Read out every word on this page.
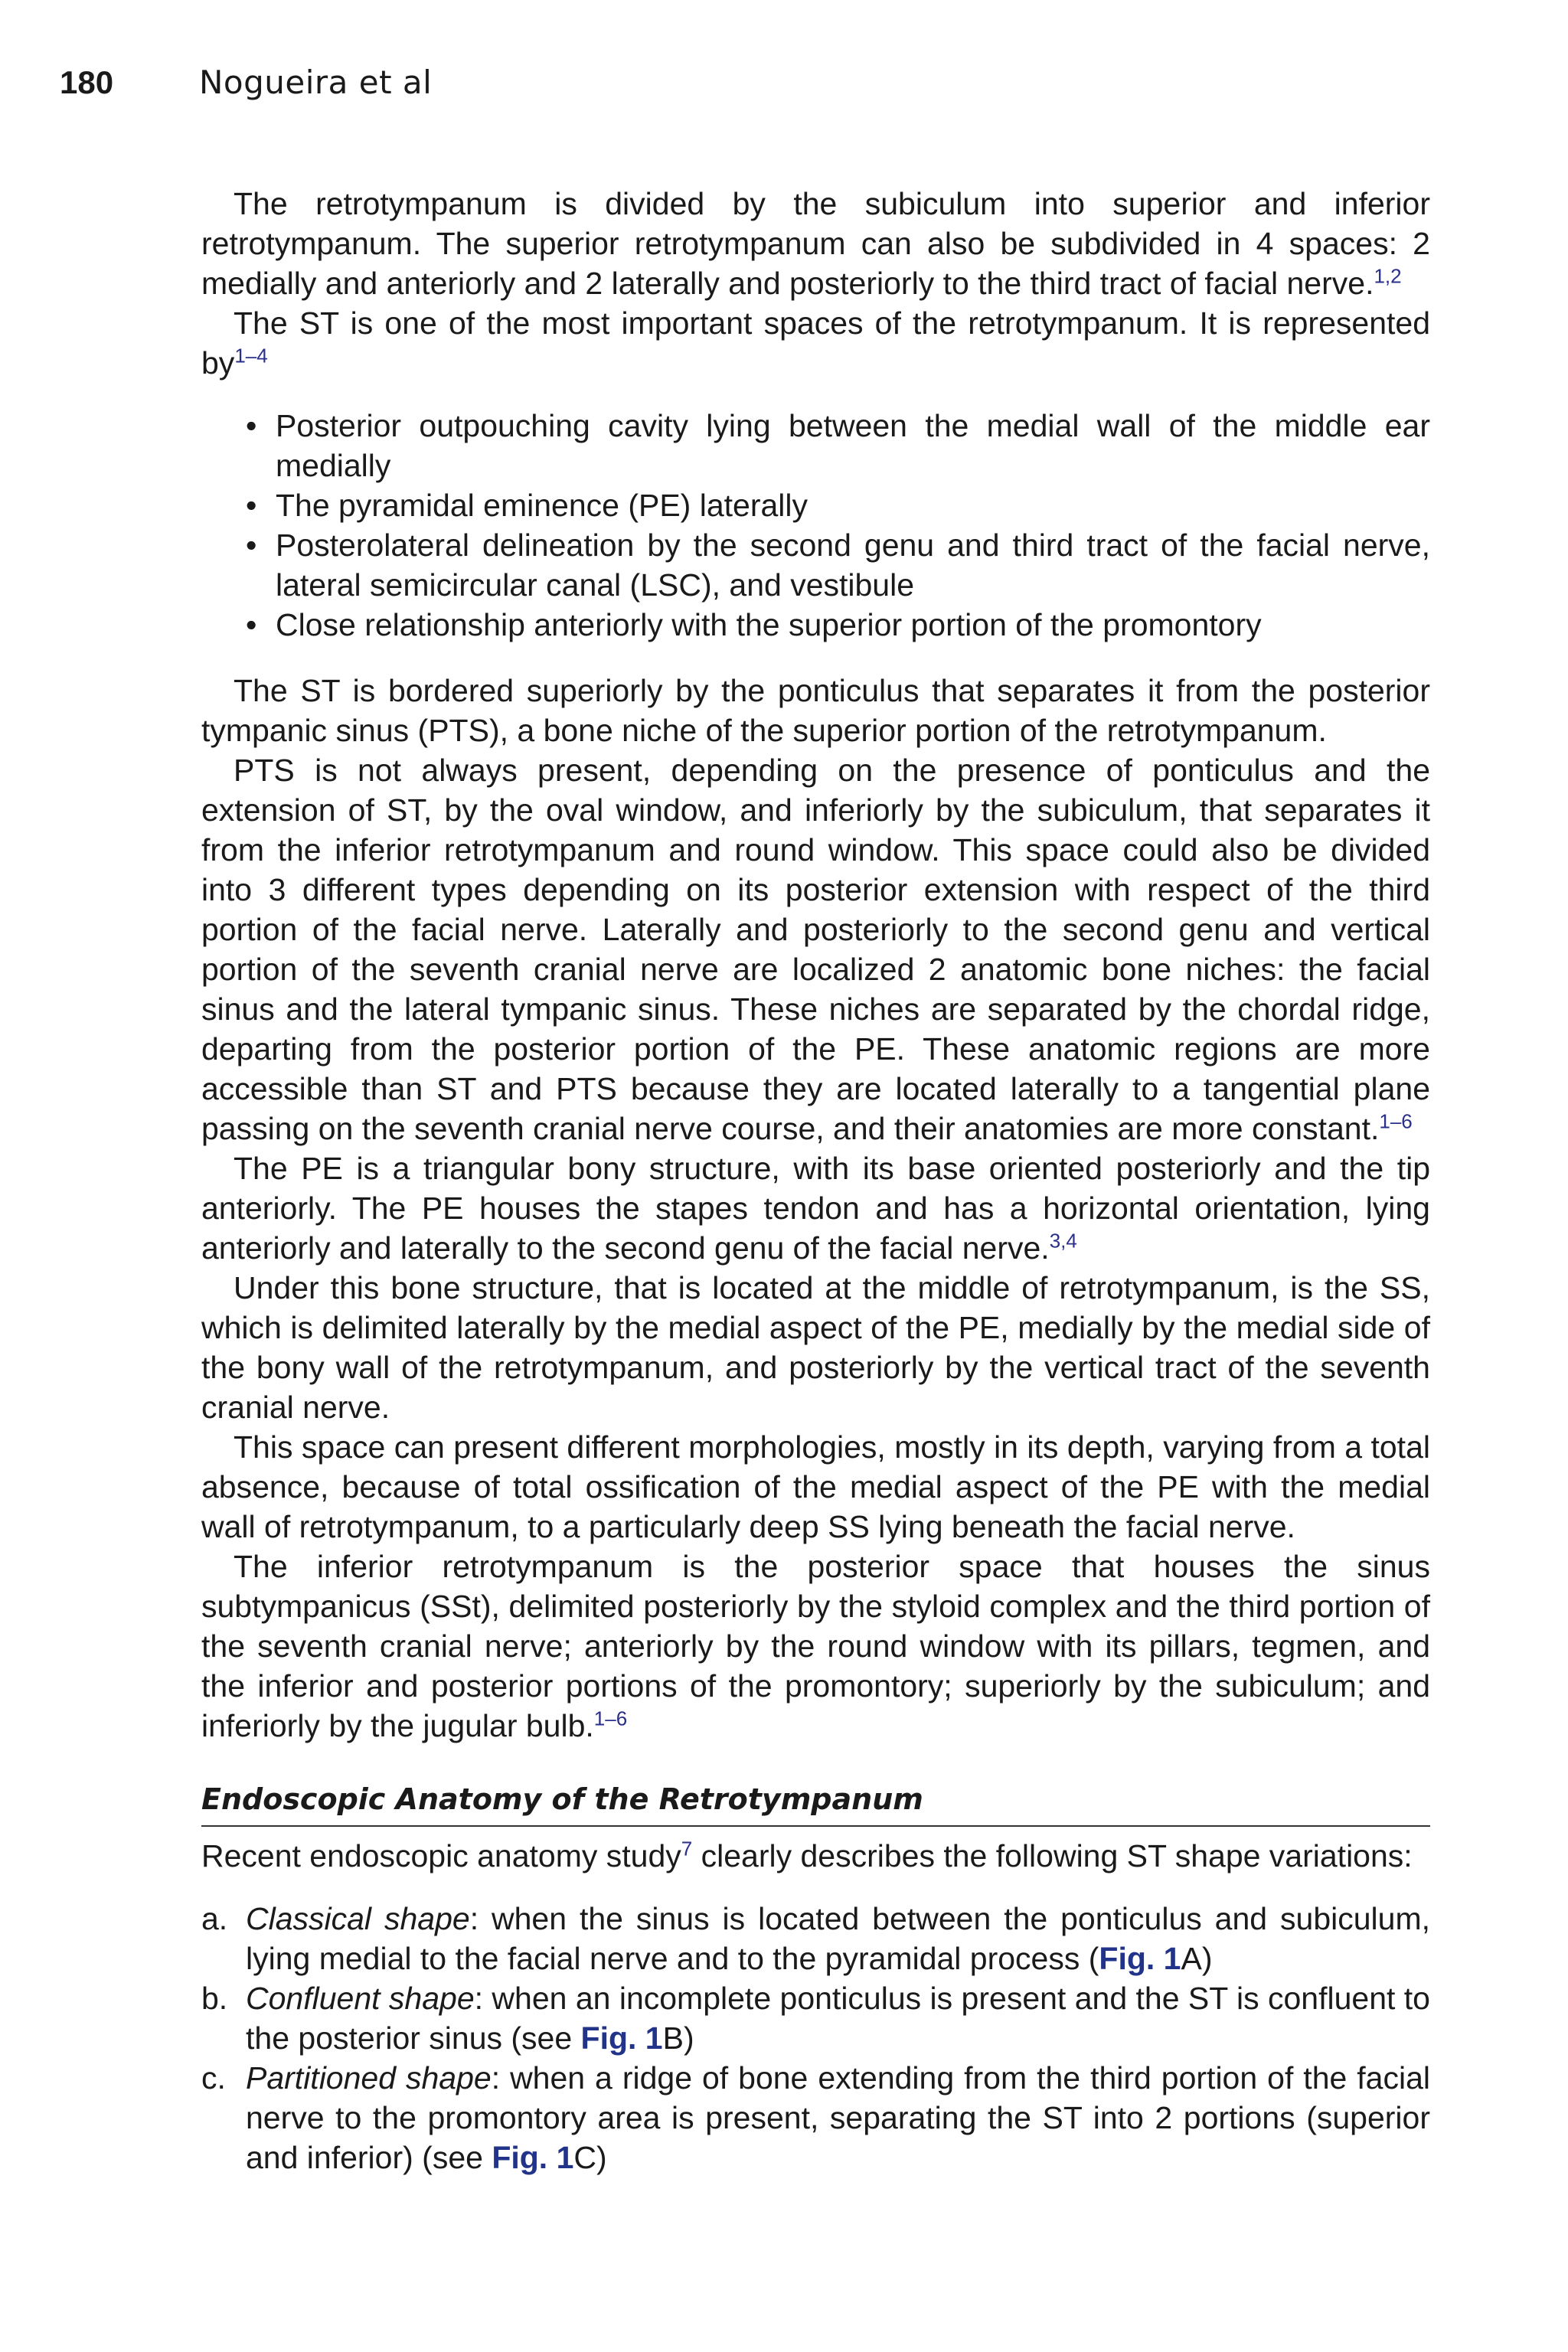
180	Nogueira et al

The retrotympanum is divided by the subiculum into superior and inferior retrotympanum. The superior retrotympanum can also be subdivided in 4 spaces: 2 medially and anteriorly and 2 laterally and posteriorly to the third tract of facial nerve.$^{1,2}$

The ST is one of the most important spaces of the retrotympanum. It is represented $by^{1-4}$

• Posterior outpouching cavity lying between the medial wall of the middle ear medially
• The pyramidal eminence (PE) laterally
• Posterolateral delineation by the second genu and third tract of the facial nerve, lateral semicircular canal (LSC), and vestibule
• Close relationship anteriorly with the superior portion of the promontory

The ST is bordered superiorly by the ponticulus that separates it from the posterior tympanic sinus (PTS), a bone niche of the superior portion of the retrotympanum.

PTS is not always present, depending on the presence of ponticulus and the extension of ST, by the oval window, and inferiorly by the subiculum, that separates it from the inferior retrotympanum and round window. This space could also be divided into 3 different types depending on its posterior extension with respect of the third portion of the facial nerve. Laterally and posteriorly to the second genu and vertical portion of the seventh cranial nerve are localized 2 anatomic bone niches: the facial sinus and the lateral tympanic sinus. These niches are separated by the chordal ridge, departing from the posterior portion of the PE. These anatomic regions are more accessible than ST and PTS because they are located laterally to a tangential plane passing on the seventh cranial nerve course, and their anatomies are more constant.$^{1-6}$

The PE is a triangular bony structure, with its base oriented posteriorly and the tip anteriorly. The PE houses the stapes tendon and has a horizontal orientation, lying anteriorly and laterally to the second genu of the facial nerve.$^{3,4}$

Under this bone structure, that is located at the middle of retrotympanum, is the SS, which is delimited laterally by the medial aspect of the PE, medially by the medial side of the bony wall of the retrotympanum, and posteriorly by the vertical tract of the seventh cranial nerve.

This space can present different morphologies, mostly in its depth, varying from a total absence, because of total ossification of the medial aspect of the PE with the medial wall of retrotympanum, to a particularly deep SS lying beneath the facial nerve.

The inferior retrotympanum is the posterior space that houses the sinus subtympanicus (SSt), delimited posteriorly by the styloid complex and the third portion of the seventh cranial nerve; anteriorly by the round window with its pillars, tegmen, and the inferior and posterior portions of the promontory; superiorly by the subiculum; and inferiorly by the jugular bulb.$^{1-6}$

Endoscopic Anatomy of the Retrotympanum

Recent endoscopic anatomy study$^7$ clearly describes the following ST shape variations:

a. Classical shape: when the sinus is located between the ponticulus and subiculum, lying medial to the facial nerve and to the pyramidal process (Fig. 1A)
b. Confluent shape: when an incomplete ponticulus is present and the ST is confluent to the posterior sinus (see Fig. 1B)
c. Partitioned shape: when a ridge of bone extending from the third portion of the facial nerve to the promontory area is present, separating the ST into 2 portions (superior and inferior) (see Fig. 1C)
